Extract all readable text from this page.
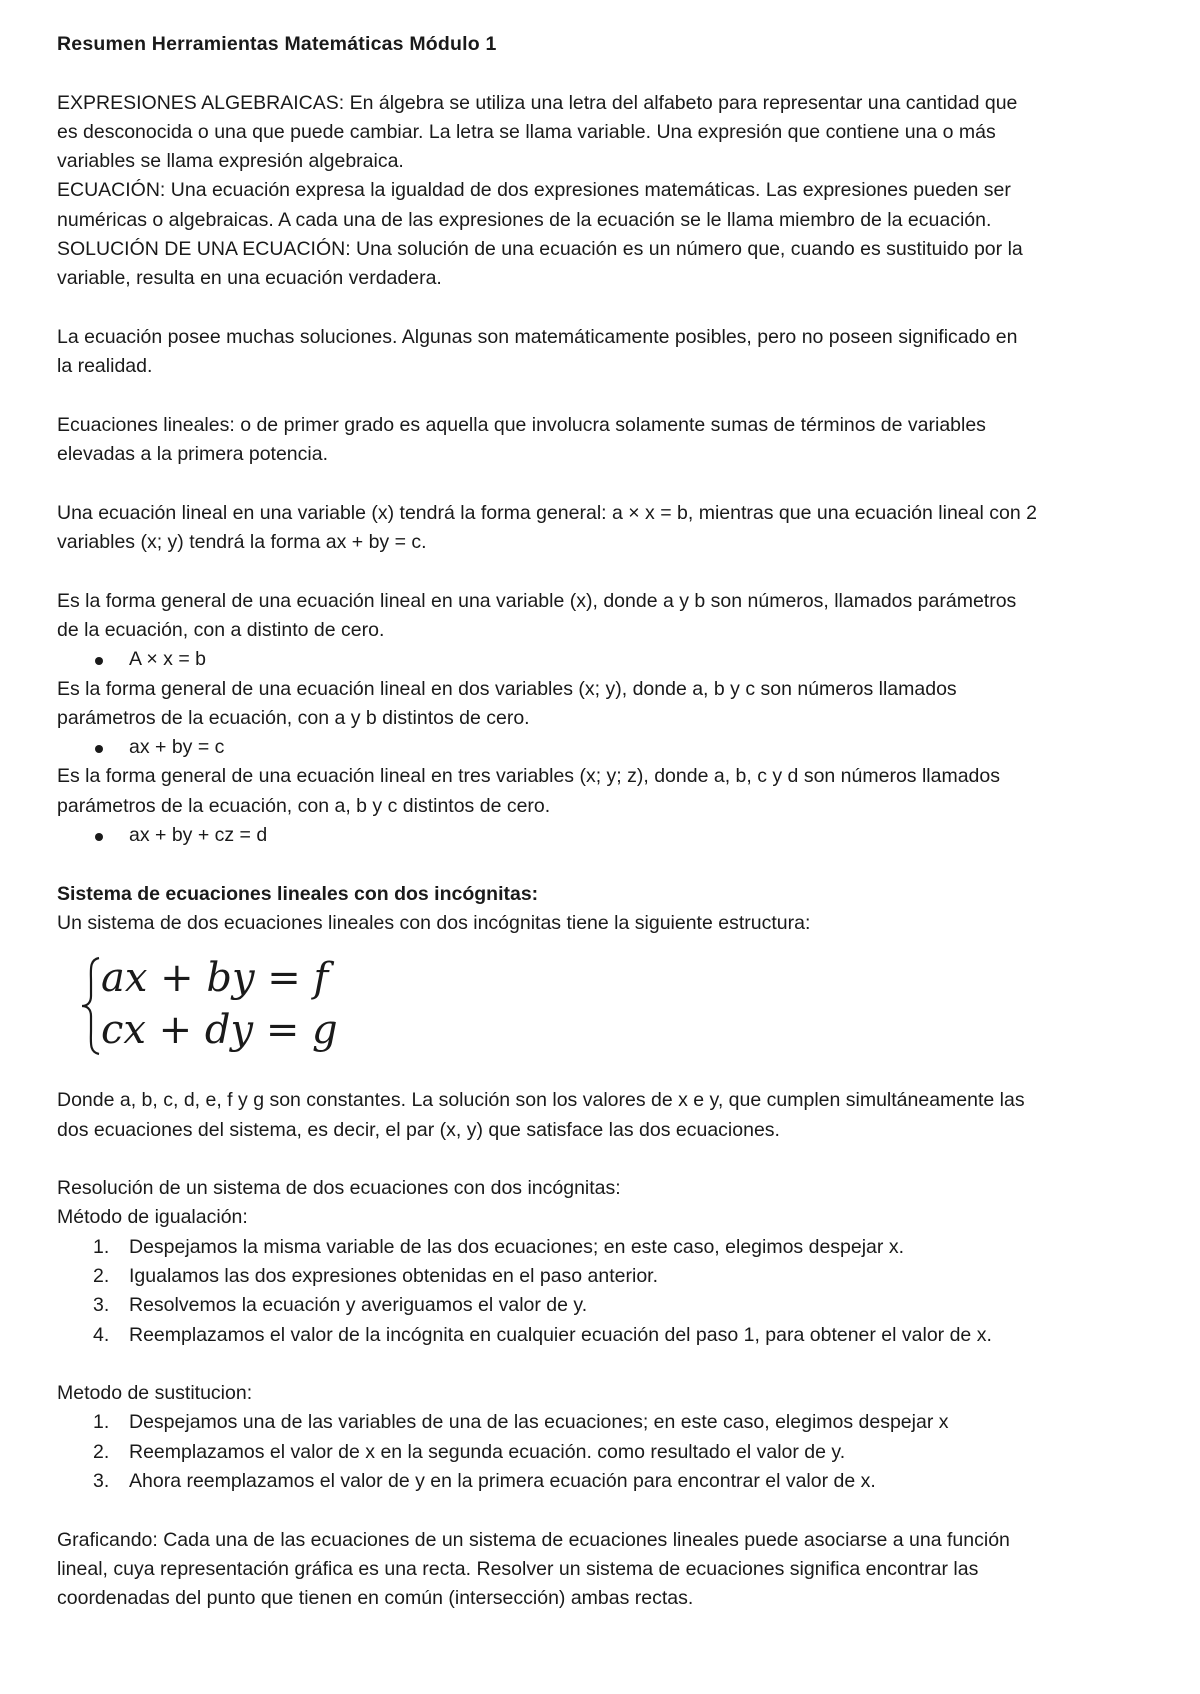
Resumen Herramientas Matemáticas Módulo 1

EXPRESIONES ALGEBRAICAS: En álgebra se utiliza una letra del alfabeto para representar una cantidad que

es desconocida o una que puede cambiar. La letra se llama variable. Una expresión que contiene una o más

variables se llama expresión algebraica.

ECUACIÓN: Una ecuación expresa la igualdad de dos expresiones matemáticas. Las expresiones pueden ser

numéricas o algebraicas. A cada una de las expresiones de la ecuación se le llama miembro de la ecuación.

SOLUCIÓN DE UNA ECUACIÓN: Una solución de una ecuación es un número que, cuando es sustituido por la

variable, resulta en una ecuación verdadera.

La ecuación posee muchas soluciones. Algunas son matemáticamente posibles, pero no poseen significado en

la realidad.

Ecuaciones lineales: o de primer grado es aquella que involucra solamente sumas de términos de variables

elevadas a la primera potencia.

Una ecuación lineal en una variable (x) tendrá la forma general: a × x = b, mientras que una ecuación lineal con 2

variables (x; y) tendrá la forma ax + by = c.

Es la forma general de una ecuación lineal en una variable (x), donde a y b son números, llamados parámetros

de la ecuación, con a distinto de cero.

A × x = b

Es la forma general de una ecuación lineal en dos variables (x; y), donde a, b y c son números llamados

parámetros de la ecuación, con a y b distintos de cero.

ax + by = c

Es la forma general de una ecuación lineal en tres variables (x; y; z), donde a, b, c y d son números llamados

parámetros de la ecuación, con a, b y c distintos de cero.

ax + by + cz = d

Sistema de ecuaciones lineales con dos incógnitas:

Un sistema de dos ecuaciones lineales con dos incógnitas tiene la siguiente estructura:

ax + by = f
cx + dy = g

Donde a, b, c, d, e, f y g son constantes. La solución son los valores de x e y, que cumplen simultáneamente las

dos ecuaciones del sistema, es decir, el par (x, y) que satisface las dos ecuaciones.

Resolución de un sistema de dos ecuaciones con dos incógnitas:

Método de igualación:

1. Despejamos la misma variable de las dos ecuaciones; en este caso, elegimos despejar x.
2. Igualamos las dos expresiones obtenidas en el paso anterior.
3. Resolvemos la ecuación y averiguamos el valor de y.
4. Reemplazamos el valor de la incógnita en cualquier ecuación del paso 1, para obtener el valor de x.

Metodo de sustitucion:

1. Despejamos una de las variables de una de las ecuaciones; en este caso, elegimos despejar x
2. Reemplazamos el valor de x en la segunda ecuación. como resultado el valor de y.
3. Ahora reemplazamos el valor de y en la primera ecuación para encontrar el valor de x.

Graficando: Cada una de las ecuaciones de un sistema de ecuaciones lineales puede asociarse a una función

lineal, cuya representación gráfica es una recta. Resolver un sistema de ecuaciones significa encontrar las

coordenadas del punto que tienen en común (intersección) ambas rectas.
